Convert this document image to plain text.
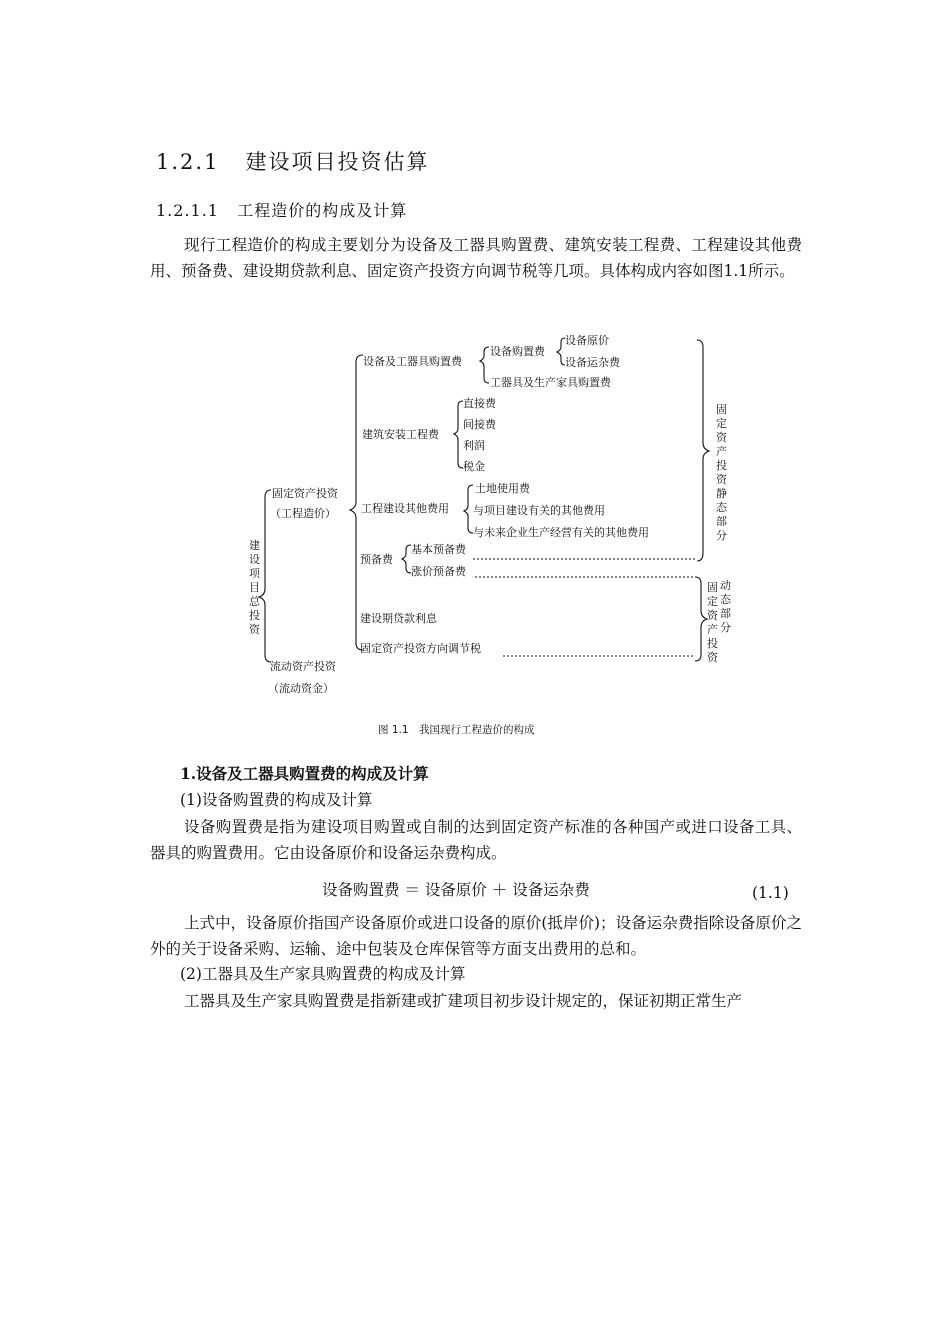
1.2.1 建设项目投资估算
1.2.1.1 工程造价的构成及计算
现行工程造价的构成主要划分为设备及工器具购置费、建筑安装工程费、工程建设其他费用、预备费、建设期贷款利息、固定资产投资方向调节税等几项。具体构成内容如图1.1所示。
建设项目总投资
固定资产投资
（工程造价）
流动资产投资
（流动资金）
设备及工器具购置费
设备购置费
设备原价
设备运杂费
工器具及生产家具购置费
建筑安装工程费
直接费
间接费
利润
税金
工程建设其他费用
土地使用费
与项目建设有关的其他费用
与未来企业生产经营有关的其他费用
预备费
基本预备费
涨价预备费
建设期贷款利息
固定资产投资方向调节税
固定资产投资静态部分
动态部分
固定资产投资
图 1.1　我国现行工程造价的构成
1.设备及工器具购置费的构成及计算
(1)设备购置费的构成及计算
设备购置费是指为建设项目购置或自制的达到固定资产标准的各种国产或进口设备工具、器具的购置费用。它由设备原价和设备运杂费构成。
设备购置费 ＝ 设备原价 ＋ 设备运杂费	(1.1)
上式中，设备原价指国产设备原价或进口设备的原价(抵岸价)；设备运杂费指除设备原价之外的关于设备采购、运输、途中包装及仓库保管等方面支出费用的总和。
(2)工器具及生产家具购置费的构成及计算
工器具及生产家具购置费是指新建或扩建项目初步设计规定的，保证初期正常生产
